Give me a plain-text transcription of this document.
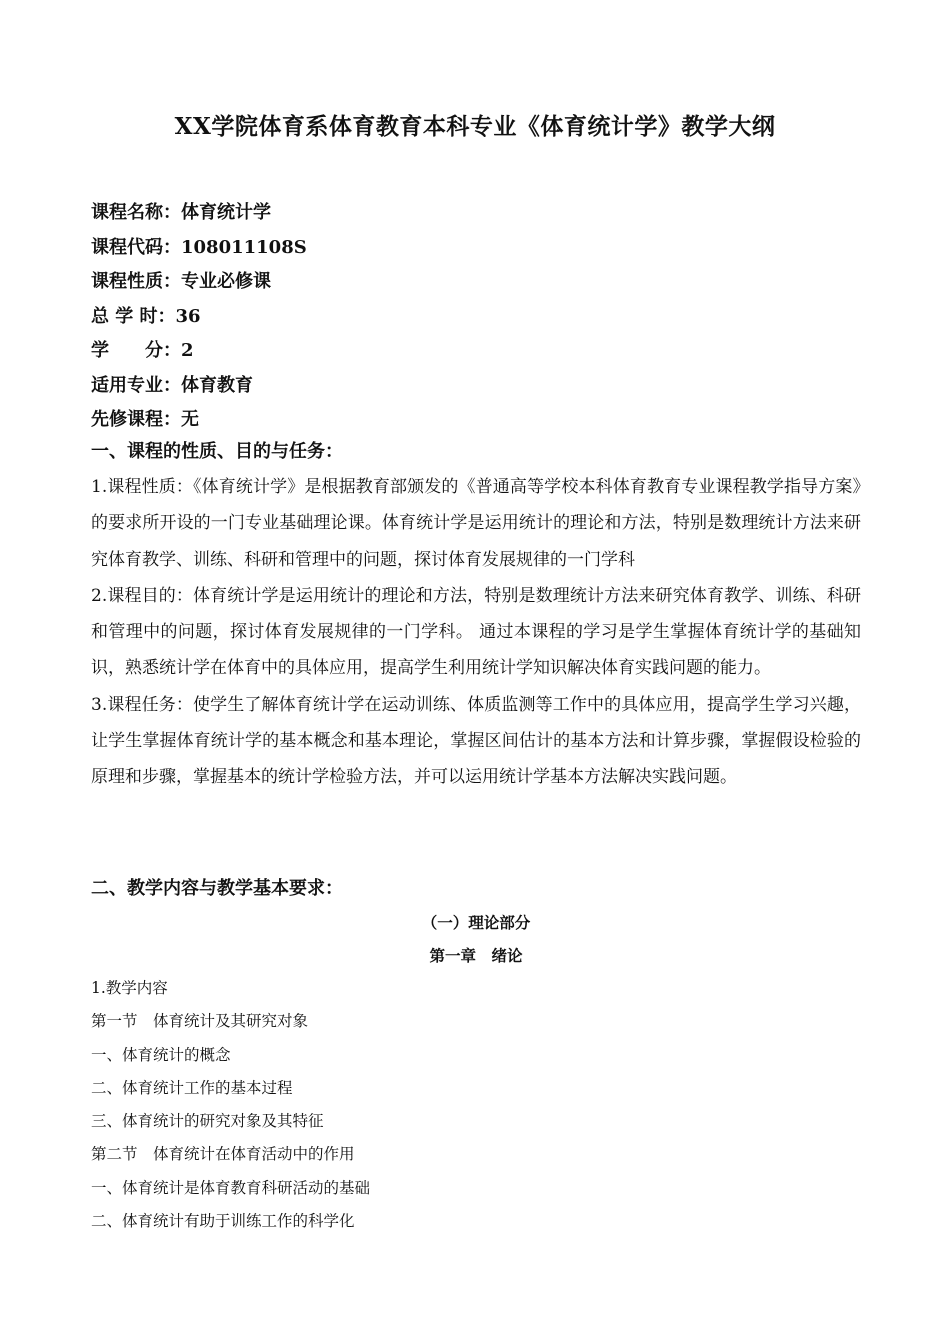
XX学院体育系体育教育本科专业《体育统计学》教学大纲
课程名称：体育统计学
课程代码：108011108S
课程性质：专业必修课
总 学 时：36
学　　分：2
适用专业：体育教育
先修课程：无
一、课程的性质、目的与任务：

1.课程性质：《体育统计学》是根据教育部颁发的《普通高等学校本科体育教育专业课程教学指导方案》的要求所开设的一门专业基础理论课。体育统计学是运用统计的理论和方法，特别是数理统计方法来研究体育教学、训练、科研和管理中的问题，探讨体育发展规律的一门学科

2.课程目的：体育统计学是运用统计的理论和方法，特别是数理统计方法来研究体育教学、训练、科研和管理中的问题，探讨体育发展规律的一门学科。 通过本课程的学习是学生掌握体育统计学的基础知识，熟悉统计学在体育中的具体应用，提高学生利用统计学知识解决体育实践问题的能力。

3.课程任务：使学生了解体育统计学在运动训练、体质监测等工作中的具体应用，提高学生学习兴趣，让学生掌握体育统计学的基本概念和基本理论，掌握区间估计的基本方法和计算步骤，掌握假设检验的原理和步骤，掌握基本的统计学检验方法，并可以运用统计学基本方法解决实践问题。

二、教学内容与教学基本要求：
（一）理论部分
第一章　绪论
1.教学内容
第一节　体育统计及其研究对象
一、体育统计的概念
二、体育统计工作的基本过程
三、体育统计的研究对象及其特征
第二节　体育统计在体育活动中的作用
一、体育统计是体育教育科研活动的基础
二、体育统计有助于训练工作的科学化
